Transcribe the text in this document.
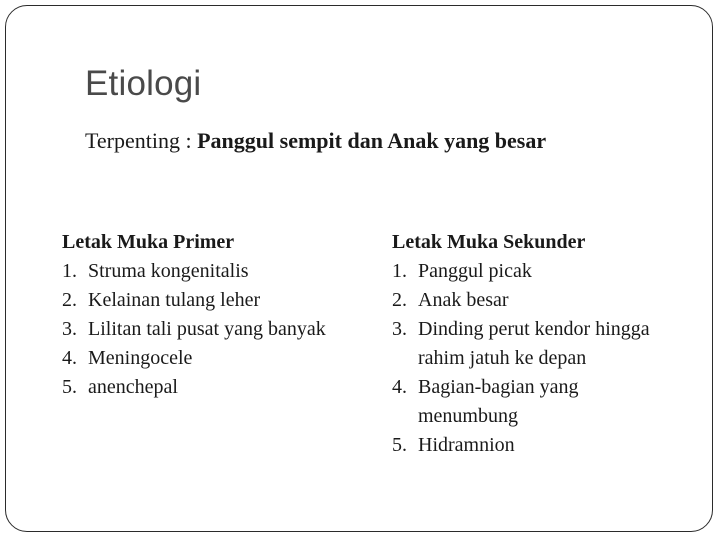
Etiologi
Terpenting : Panggul sempit dan Anak yang besar
Letak Muka Primer
1. Struma kongenitalis
2. Kelainan tulang leher
3. Lilitan tali pusat yang banyak
4. Meningocele
5. anenchepal
Letak Muka Sekunder
1. Panggul picak
2. Anak besar
3. Dinding perut kendor hingga rahim jatuh ke depan
4. Bagian-bagian yang menumbung
5. Hidramnion
